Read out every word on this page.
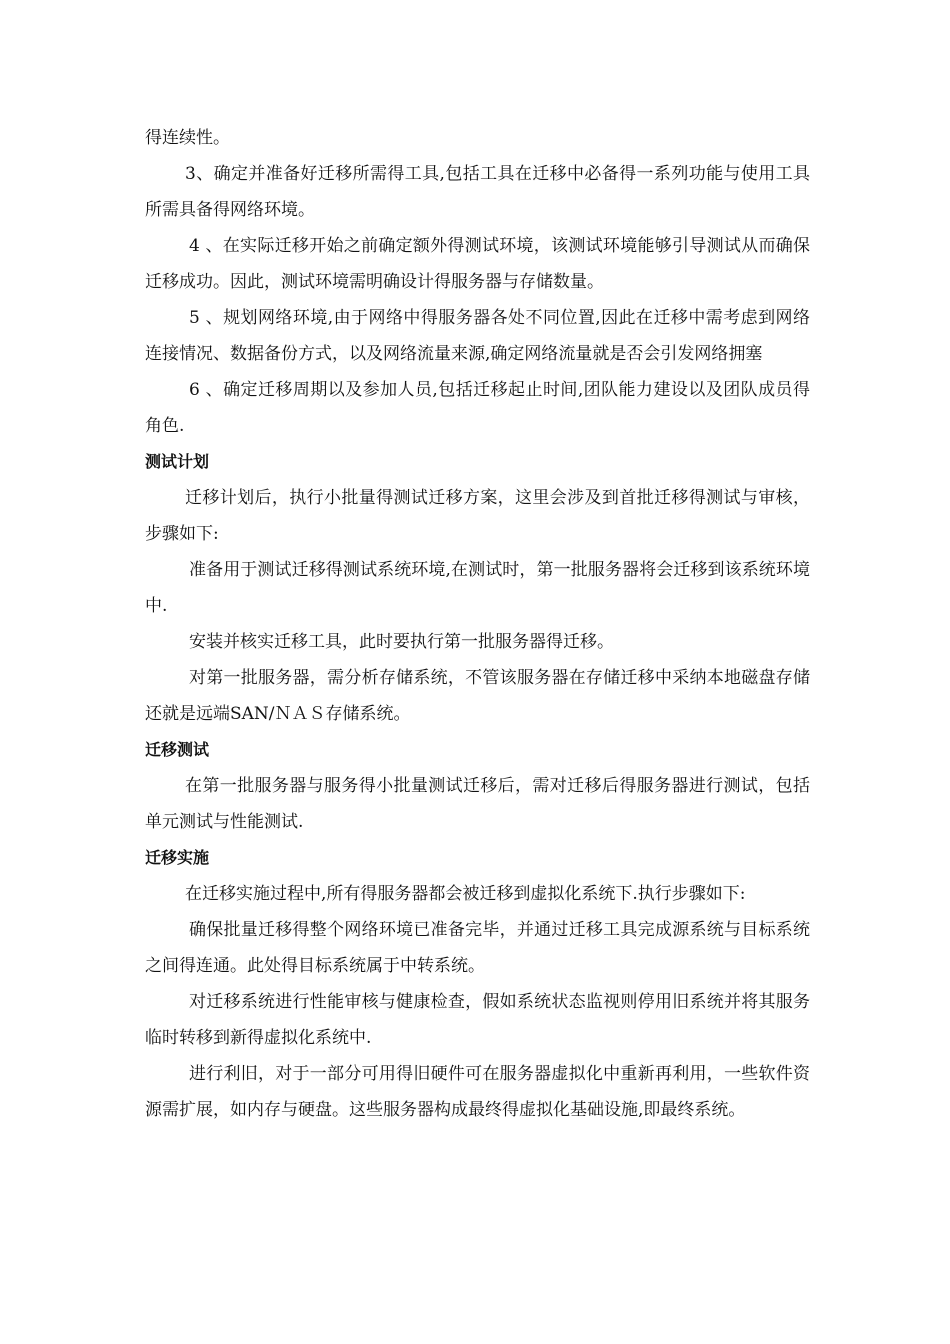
得连续性。

3、确定并准备好迁移所需得工具,包括工具在迁移中必备得一系列功能与使用工具所需具备得网络环境。

4 、在实际迁移开始之前确定额外得测试环境，该测试环境能够引导测试从而确保迁移成功。因此，测试环境需明确设计得服务器与存储数量。

5 、规划网络环境,由于网络中得服务器各处不同位置,因此在迁移中需考虑到网络连接情况、数据备份方式，以及网络流量来源,确定网络流量就是否会引发网络拥塞

6 、确定迁移周期以及参加人员,包括迁移起止时间,团队能力建设以及团队成员得角色.

测试计划

迁移计划后，执行小批量得测试迁移方案，这里会涉及到首批迁移得测试与审核，步骤如下:

准备用于测试迁移得测试系统环境,在测试时，第一批服务器将会迁移到该系统环境中.

安装并核实迁移工具，此时要执行第一批服务器得迁移。

对第一批服务器，需分析存储系统，不管该服务器在存储迁移中采纳本地磁盘存储还就是远端SAN/ＮＡＳ存储系统。

迁移测试

在第一批服务器与服务得小批量测试迁移后，需对迁移后得服务器进行测试，包括单元测试与性能测试.

迁移实施

在迁移实施过程中,所有得服务器都会被迁移到虚拟化系统下.执行步骤如下:

确保批量迁移得整个网络环境已准备完毕，并通过迁移工具完成源系统与目标系统之间得连通。此处得目标系统属于中转系统。

对迁移系统进行性能审核与健康检查，假如系统状态监视则停用旧系统并将其服务临时转移到新得虚拟化系统中.

进行利旧，对于一部分可用得旧硬件可在服务器虚拟化中重新再利用，一些软件资源需扩展，如内存与硬盘。这些服务器构成最终得虚拟化基础设施,即最终系统。
